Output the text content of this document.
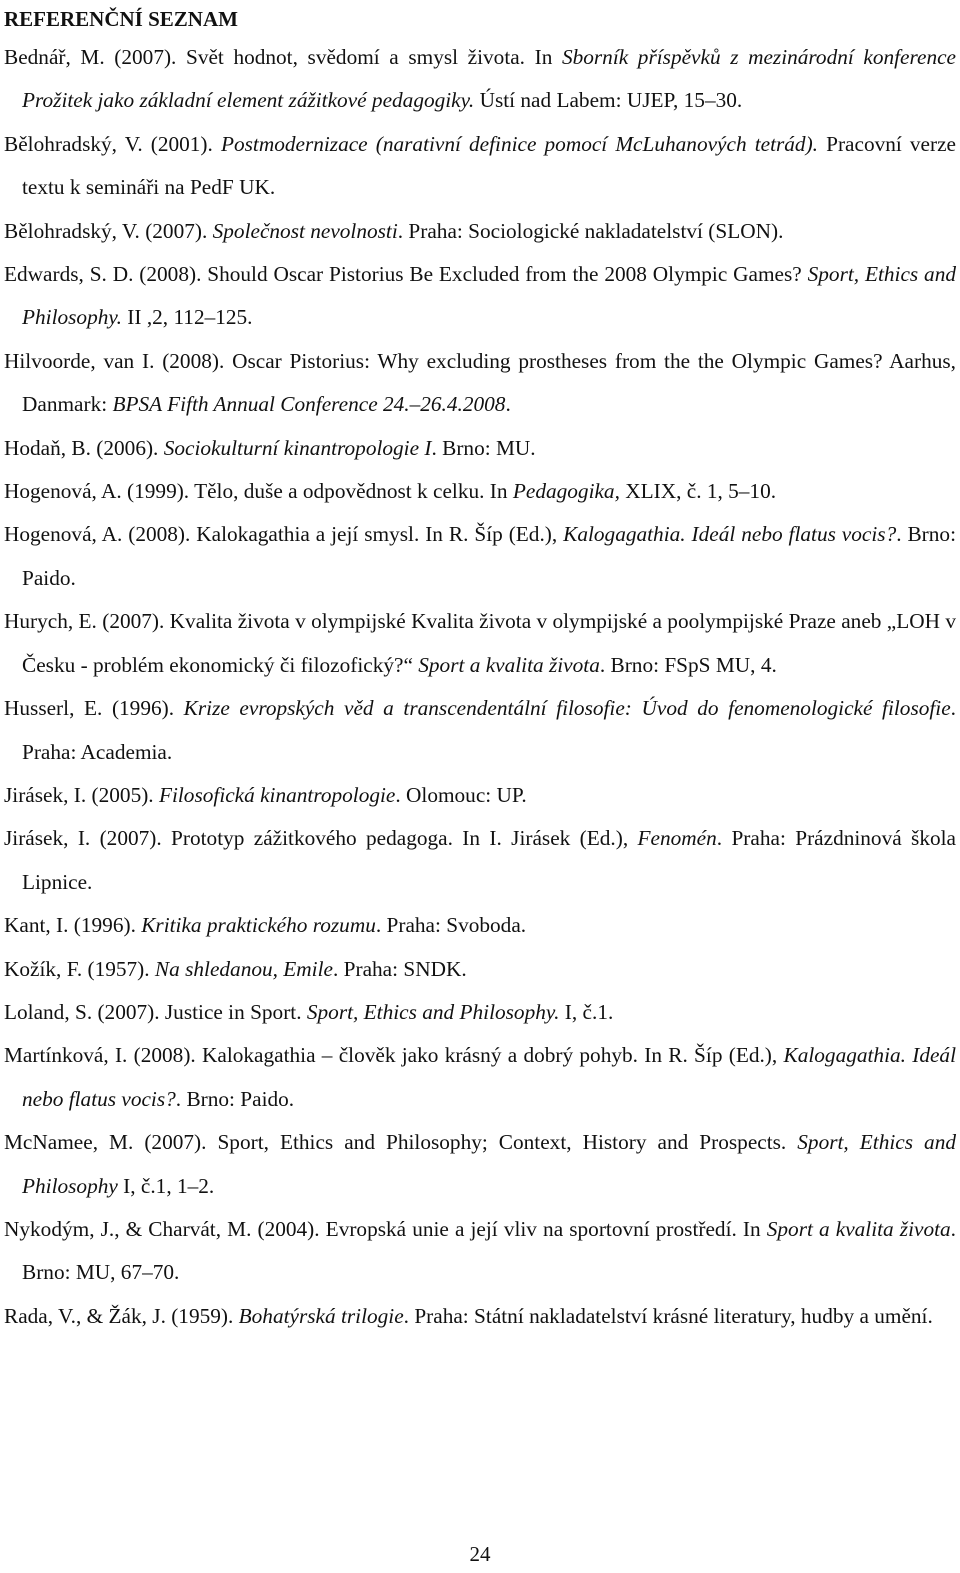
REFERENČNÍ SEZNAM
Bednář, M. (2007). Svět hodnot, svědomí a smysl života. In Sborník příspěvků z mezinárodní konference Prožitek jako základní element zážitkové pedagogiky. Ústí nad Labem: UJEP, 15–30.
Bělohradský, V. (2001). Postmodernizace (narativní definice pomocí McLuhanových tetrád). Pracovní verze textu k semináři na PedF UK.
Bělohradský, V. (2007). Společnost nevolnosti. Praha: Sociologické nakladatelství (SLON).
Edwards, S. D. (2008). Should Oscar Pistorius Be Excluded from the 2008 Olympic Games? Sport, Ethics and Philosophy. II ,2, 112–125.
Hilvoorde, van I. (2008). Oscar Pistorius: Why excluding prostheses from the the Olympic Games? Aarhus, Danmark: BPSA Fifth Annual Conference 24.–26.4.2008.
Hodaň, B. (2006). Sociokulturní kinantropologie I. Brno: MU.
Hogenová, A. (1999). Tělo, duše a odpovědnost k celku. In Pedagogika, XLIX, č. 1, 5–10.
Hogenová, A. (2008). Kalokagathia a její smysl. In R. Šíp (Ed.), Kalogagathia. Ideál nebo flatus vocis?. Brno: Paido.
Hurych, E. (2007). Kvalita života v olympijské Kvalita života v olympijské a poolympijské Praze aneb „LOH v Česku - problém ekonomický či filozofický?“ Sport a kvalita života. Brno: FSpS MU, 4.
Husserl, E. (1996). Krize evropských věd a transcendentální filosofie: Úvod do fenomenologické filosofie. Praha: Academia.
Jirásek, I. (2005). Filosofická kinantropologie. Olomouc: UP.
Jirásek, I. (2007). Prototyp zážitkového pedagoga. In I. Jirásek (Ed.), Fenomén. Praha: Prázdninová škola Lipnice.
Kant, I. (1996). Kritika praktického rozumu. Praha: Svoboda.
Kožík, F. (1957). Na shledanou, Emile. Praha: SNDK.
Loland, S. (2007). Justice in Sport. Sport, Ethics and Philosophy. I, č.1.
Martínková, I. (2008). Kalokagathia – člověk jako krásný a dobrý pohyb. In R. Šíp (Ed.), Kalogagathia. Ideál nebo flatus vocis?. Brno: Paido.
McNamee, M. (2007). Sport, Ethics and Philosophy; Context, History and Prospects. Sport, Ethics and Philosophy I, č.1, 1–2.
Nykodým, J., & Charvát, M. (2004). Evropská unie a její vliv na sportovní prostředí. In Sport a kvalita života. Brno: MU, 67–70.
Rada, V., & Žák, J. (1959). Bohatýrská trilogie. Praha: Státní nakladatelství krásné literatury, hudby a umění.
24
